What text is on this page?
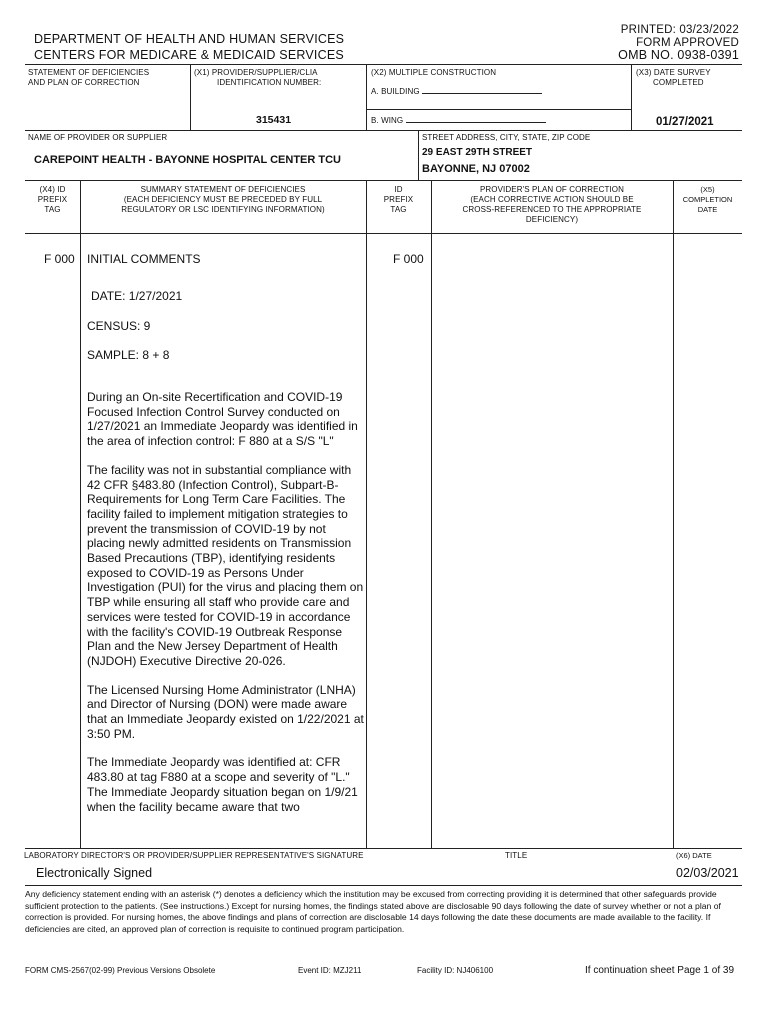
DEPARTMENT OF HEALTH AND HUMAN SERVICES
CENTERS FOR MEDICARE & MEDICAID SERVICES
PRINTED: 03/23/2022
FORM APPROVED
OMB NO. 0938-0391
STATEMENT OF DEFICIENCIES
AND PLAN OF CORRECTION
(X1) PROVIDER/SUPPLIER/CLIA
IDENTIFICATION NUMBER:
315431
(X2) MULTIPLE CONSTRUCTION
A. BUILDING
B. WING
(X3) DATE SURVEY
COMPLETED
01/27/2021
NAME OF PROVIDER OR SUPPLIER
CAREPOINT HEALTH - BAYONNE HOSPITAL CENTER TCU
STREET ADDRESS, CITY, STATE, ZIP CODE
29 EAST 29TH STREET
BAYONNE, NJ 07002
(X4) ID
PREFIX
TAG
SUMMARY STATEMENT OF DEFICIENCIES
(EACH DEFICIENCY MUST BE PRECEDED BY FULL
REGULATORY OR LSC IDENTIFYING INFORMATION)
ID
PREFIX
TAG
PROVIDER'S PLAN OF CORRECTION
(EACH CORRECTIVE ACTION SHOULD BE
CROSS-REFERENCED TO THE APPROPRIATE
DEFICIENCY)
(X5)
COMPLETION
DATE
F 000 INITIAL COMMENTS	F 000
DATE: 1/27/2021
CENSUS: 9
SAMPLE: 8 + 8

During an On-site Recertification and COVID-19 Focused Infection Control Survey conducted on 1/27/2021 an Immediate Jeopardy was identified in the area of infection control: F 880 at a S/S "L"

The facility was not in substantial compliance with 42 CFR §483.80 (Infection Control), Subpart-B-Requirements for Long Term Care Facilities. The facility failed to implement mitigation strategies to prevent the transmission of COVID-19 by not placing newly admitted residents on Transmission Based Precautions (TBP), identifying residents exposed to COVID-19 as Persons Under Investigation (PUI) for the virus and placing them on TBP while ensuring all staff who provide care and services were tested for COVID-19 in accordance with the facility's COVID-19 Outbreak Response Plan and the New Jersey Department of Health (NJDOH) Executive Directive 20-026.

The Licensed Nursing Home Administrator (LNHA) and Director of Nursing (DON) were made aware that an Immediate Jeopardy existed on 1/22/2021 at 3:50 PM.

The Immediate Jeopardy was identified at: CFR 483.80 at tag F880 at a scope and severity of "L." The Immediate Jeopardy situation began on 1/9/21 when the facility became aware that two

LABORATORY DIRECTOR'S OR PROVIDER/SUPPLIER REPRESENTATIVE'S SIGNATURE
Electronically Signed
TITLE	(X6) DATE
02/03/2021
Any deficiency statement ending with an asterisk (*) denotes a deficiency which the institution may be excused from correcting providing it is determined that other safeguards provide sufficient protection to the patients. (See instructions.) Except for nursing homes, the findings stated above are disclosable 90 days following the date of survey whether or not a plan of correction is provided. For nursing homes, the above findings and plans of correction are disclosable 14 days following the date these documents are made available to the facility. If deficiencies are cited, an approved plan of correction is requisite to continued program participation.
FORM CMS-2567(02-99) Previous Versions Obsolete	Event ID: MZJ211	Facility ID: NJ406100	If continuation sheet Page 1 of 39
